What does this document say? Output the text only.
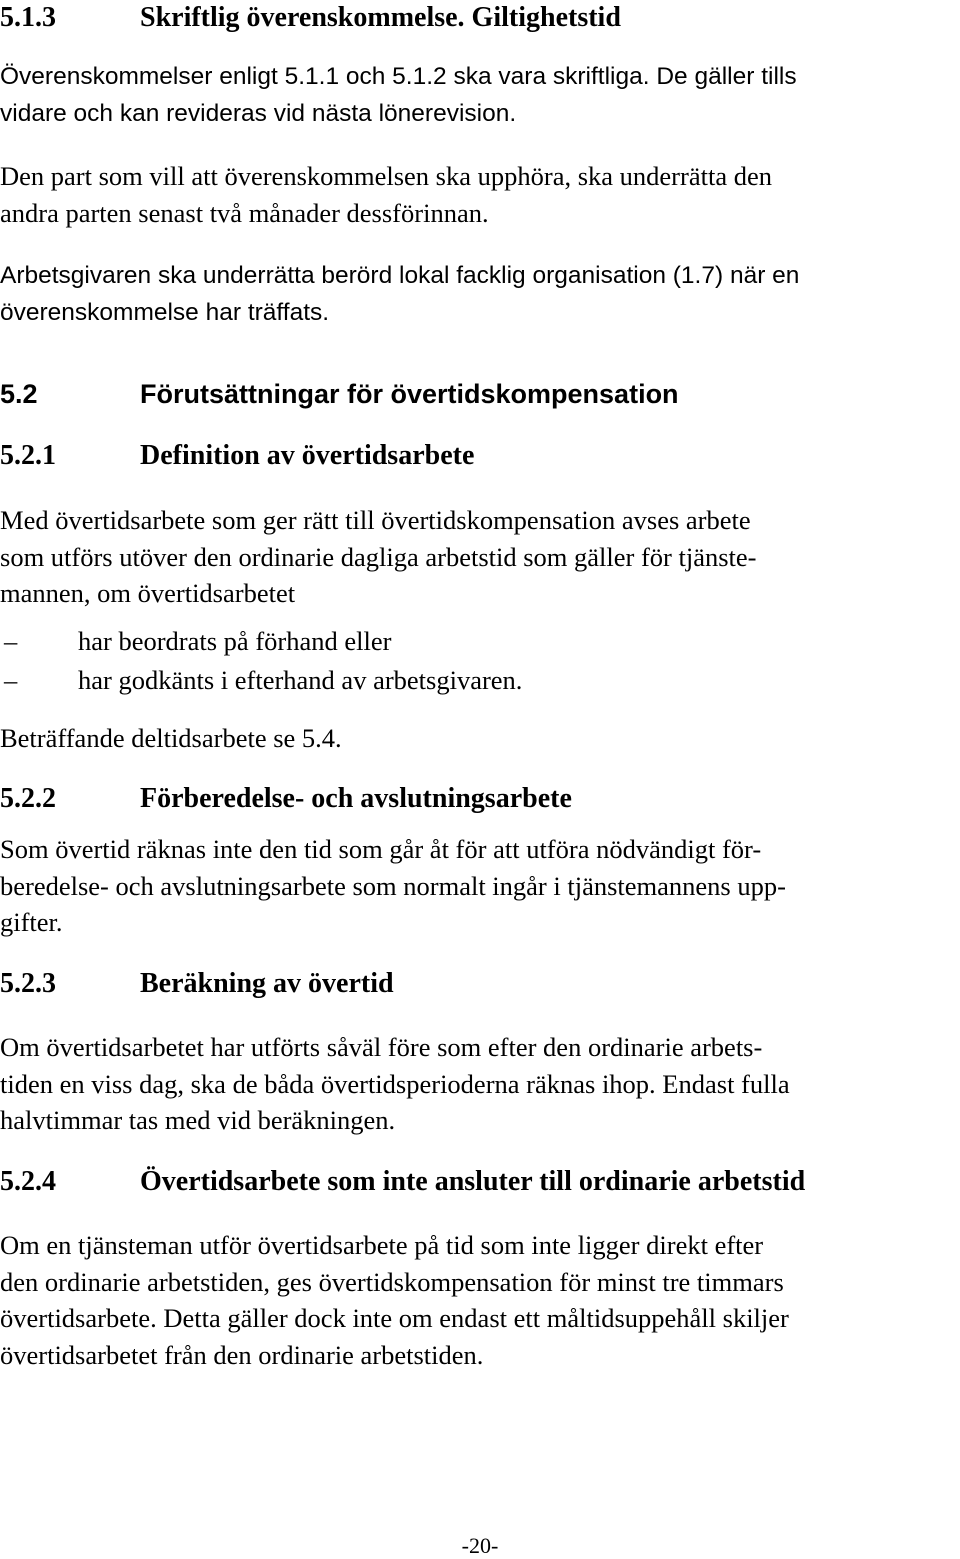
5.1.3	Skriftlig överenskommelse. Giltighetstid
Överenskommelser enligt 5.1.1 och 5.1.2 ska vara skriftliga. De gäller tills
vidare och kan revideras vid nästa lönerevision.
Den part som vill att överenskommelsen ska upphöra, ska underrätta den
andra parten senast två månader dessförinnan.
Arbetsgivaren ska underrätta berörd lokal facklig organisation (1.7) när en
överenskommelse har träffats.
5.2	Förutsättningar för övertidskompensation
5.2.1	Definition av övertidsarbete
Med övertidsarbete som ger rätt till övertidskompensation avses arbete
som utförs utöver den ordinarie dagliga arbetstid som gäller för tjänste-
mannen, om övertidsarbetet
– har beordrats på förhand eller
– har godkänts i efterhand av arbetsgivaren.
Beträffande deltidsarbete se 5.4.
5.2.2	Förberedelse- och avslutningsarbete
Som övertid räknas inte den tid som går åt för att utföra nödvändigt för-
beredelse- och avslutningsarbete som normalt ingår i tjänstemannens upp-
gifter.
5.2.3	Beräkning av övertid
Om övertidsarbetet har utförts såväl före som efter den ordinarie arbets-
tiden en viss dag, ska de båda övertidsperioderna räknas ihop. Endast fulla
halvtimmar tas med vid beräkningen.
5.2.4	Övertidsarbete som inte ansluter till ordinarie arbetstid
Om en tjänsteman utför övertidsarbete på tid som inte ligger direkt efter
den ordinarie arbetstiden, ges övertidskompensation för minst tre timmars
övertidsarbete. Detta gäller dock inte om endast ett måltidsuppehåll skiljer
övertidsarbetet från den ordinarie arbetstiden.
-20-
